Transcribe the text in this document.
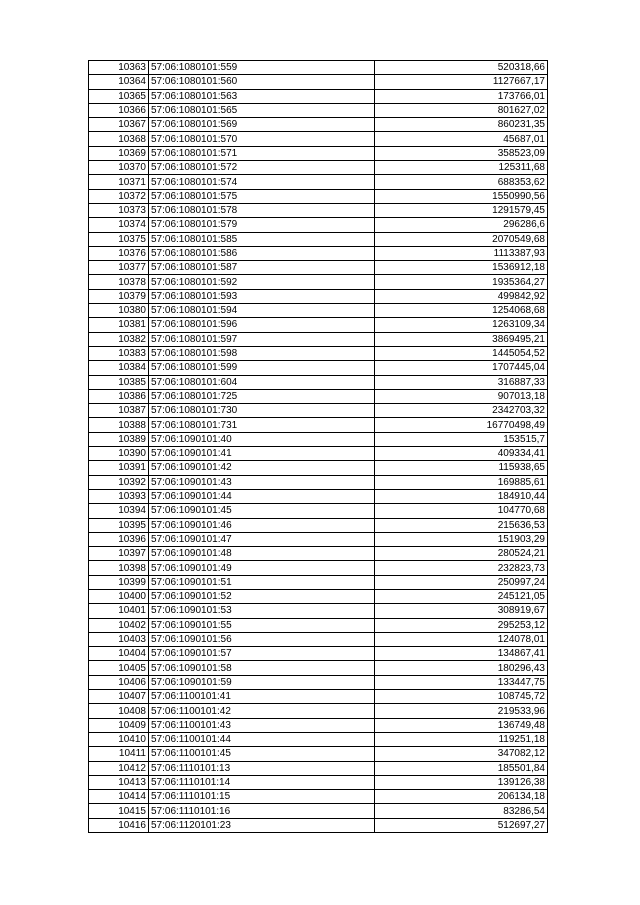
10363	57:06:1080101:559	520318,66
10364	57:06:1080101:560	1127667,17
10365	57:06:1080101:563	173766,01
10366	57:06:1080101:565	801627,02
10367	57:06:1080101:569	860231,35
10368	57:06:1080101:570	45687,01
10369	57:06:1080101:571	358523,09
10370	57:06:1080101:572	125311,68
10371	57:06:1080101:574	688353,62
10372	57:06:1080101:575	1550990,56
10373	57:06:1080101:578	1291579,45
10374	57:06:1080101:579	296286,6
10375	57:06:1080101:585	2070549,68
10376	57:06:1080101:586	1113387,93
10377	57:06:1080101:587	1536912,18
10378	57:06:1080101:592	1935364,27
10379	57:06:1080101:593	499842,92
10380	57:06:1080101:594	1254068,68
10381	57:06:1080101:596	1263109,34
10382	57:06:1080101:597	3869495,21
10383	57:06:1080101:598	1445054,52
10384	57:06:1080101:599	1707445,04
10385	57:06:1080101:604	316887,33
10386	57:06:1080101:725	907013,18
10387	57:06:1080101:730	2342703,32
10388	57:06:1080101:731	16770498,49
10389	57:06:1090101:40	153515,7
10390	57:06:1090101:41	409334,41
10391	57:06:1090101:42	115938,65
10392	57:06:1090101:43	169885,61
10393	57:06:1090101:44	184910,44
10394	57:06:1090101:45	104770,68
10395	57:06:1090101:46	215636,53
10396	57:06:1090101:47	151903,29
10397	57:06:1090101:48	280524,21
10398	57:06:1090101:49	232823,73
10399	57:06:1090101:51	250997,24
10400	57:06:1090101:52	245121,05
10401	57:06:1090101:53	308919,67
10402	57:06:1090101:55	295253,12
10403	57:06:1090101:56	124078,01
10404	57:06:1090101:57	134867,41
10405	57:06:1090101:58	180296,43
10406	57:06:1090101:59	133447,75
10407	57:06:1100101:41	108745,72
10408	57:06:1100101:42	219533,96
10409	57:06:1100101:43	136749,48
10410	57:06:1100101:44	119251,18
10411	57:06:1100101:45	347082,12
10412	57:06:1110101:13	185501,84
10413	57:06:1110101:14	139126,38
10414	57:06:1110101:15	206134,18
10415	57:06:1110101:16	83286,54
10416	57:06:1120101:23	512697,27
